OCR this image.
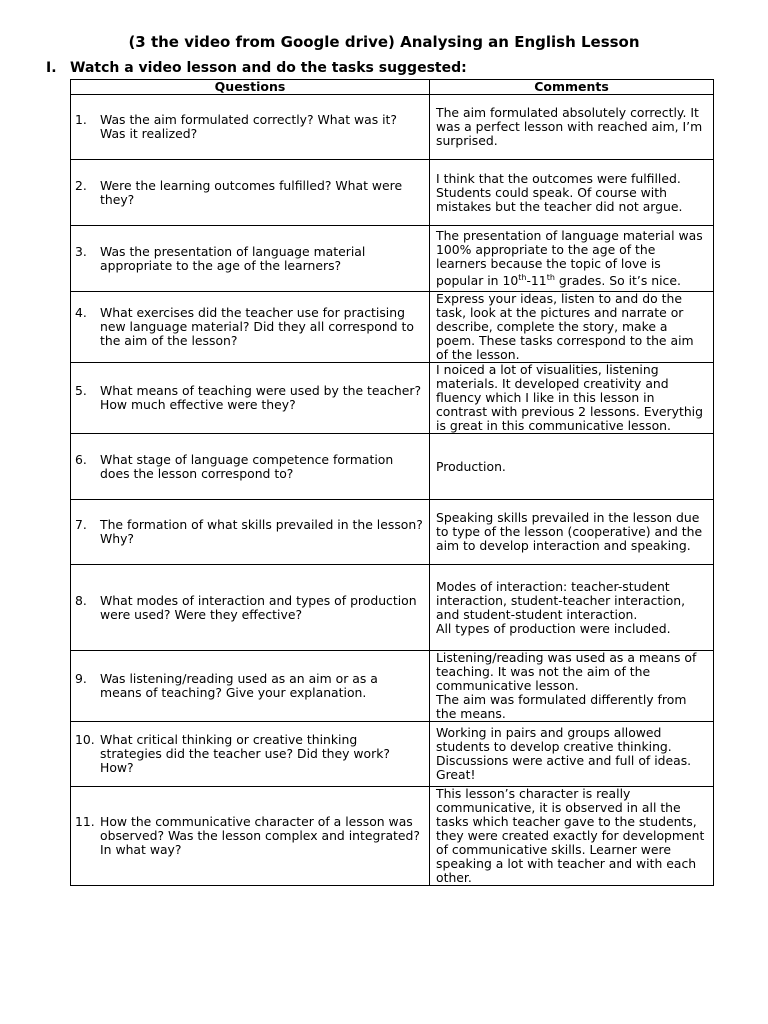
(3 the video from Google drive) Analysing an English Lesson
I. Watch a video lesson and do the tasks suggested:
Questions	Comments

1. Was the aim formulated correctly? What was it? Was it realized?	The aim formulated absolutely correctly. It was a perfect lesson with reached aim, I’m surprised.

2. Were the learning outcomes fulfilled? What were they?	I think that the outcomes were fulfilled. Students could speak. Of course with mistakes but the teacher did not argue.

3. Was the presentation of language material appropriate to the age of the learners?	The presentation of language material was 100% appropriate to the age of the learners because the topic of love is popular in 10th-11th grades. So it’s nice.

4. What exercises did the teacher use for practising new language material? Did they all correspond to the aim of the lesson?	Express your ideas, listen to and do the task, look at the pictures and narrate or describe, complete the story, make a poem. These tasks correspond to the aim of the lesson.

5. What means of teaching were used by the teacher? How much effective were they?	I noiced a lot of visualities, listening materials. It developed creativity and fluency which I like in this lesson in contrast with previous 2 lessons. Everythig is great in this communicative lesson.

6. What stage of language competence formation does the lesson correspond to?	Production.

7. The formation of what skills prevailed in the lesson? Why?	Speaking skills prevailed in the lesson due to type of the lesson (cooperative) and the aim to develop interaction and speaking.

8. What modes of interaction and types of production were used? Were they effective?	Modes of interaction: teacher-student interaction, student-teacher interaction, and student-student interaction.
All types of production were included.

9. Was listening/reading used as an aim or as a means of teaching? Give your explanation.	Listening/reading was used as a means of teaching. It was not the aim of the communicative lesson.
The aim was formulated differently from the means.

10. What critical thinking or creative thinking strategies did the teacher use? Did they work? How?	Working in pairs and groups allowed students to develop creative thinking. Discussions were active and full of ideas. Great!

11. How the communicative character of a lesson was observed? Was the lesson complex and integrated? In what way?	This lesson’s character is really communicative, it is observed in all the tasks which teacher gave to the students, they were created exactly for development of communicative skills. Learner were speaking a lot with teacher and with each other.
